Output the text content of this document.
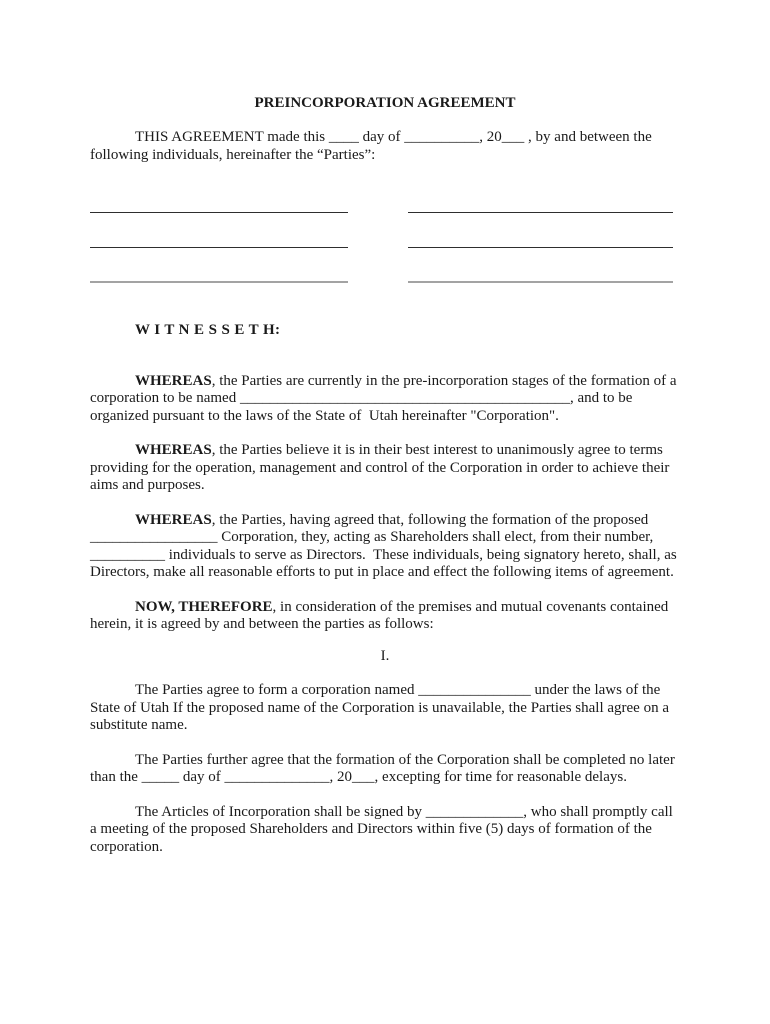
PREINCORPORATION AGREEMENT

THIS AGREEMENT made this ____ day of __________, 20___ , by and between the following individuals, hereinafter the “Parties”:

W I T N E S S E T H:

WHEREAS, the Parties are currently in the pre-incorporation stages of the formation of a corporation to be named ____________________________________________, and to be organized pursuant to the laws of the State of  Utah hereinafter "Corporation".

WHEREAS, the Parties believe it is in their best interest to unanimously agree to terms providing for the operation, management and control of the Corporation in order to achieve their aims and purposes.

WHEREAS, the Parties, having agreed that, following the formation of the proposed _________________ Corporation, they, acting as Shareholders shall elect, from their number, __________ individuals to serve as Directors.  These individuals, being signatory hereto, shall, as Directors, make all reasonable efforts to put in place and effect the following items of agreement.

NOW, THEREFORE, in consideration of the premises and mutual covenants contained herein, it is agreed by and between the parties as follows:

I.

The Parties agree to form a corporation named _______________ under the laws of the State of Utah If the proposed name of the Corporation is unavailable, the Parties shall agree on a substitute name.

The Parties further agree that the formation of the Corporation shall be completed no later than the _____ day of ______________, 20___, excepting for time for reasonable delays.

The Articles of Incorporation shall be signed by _____________, who shall promptly call a meeting of the proposed Shareholders and Directors within five (5) days of formation of the corporation.
